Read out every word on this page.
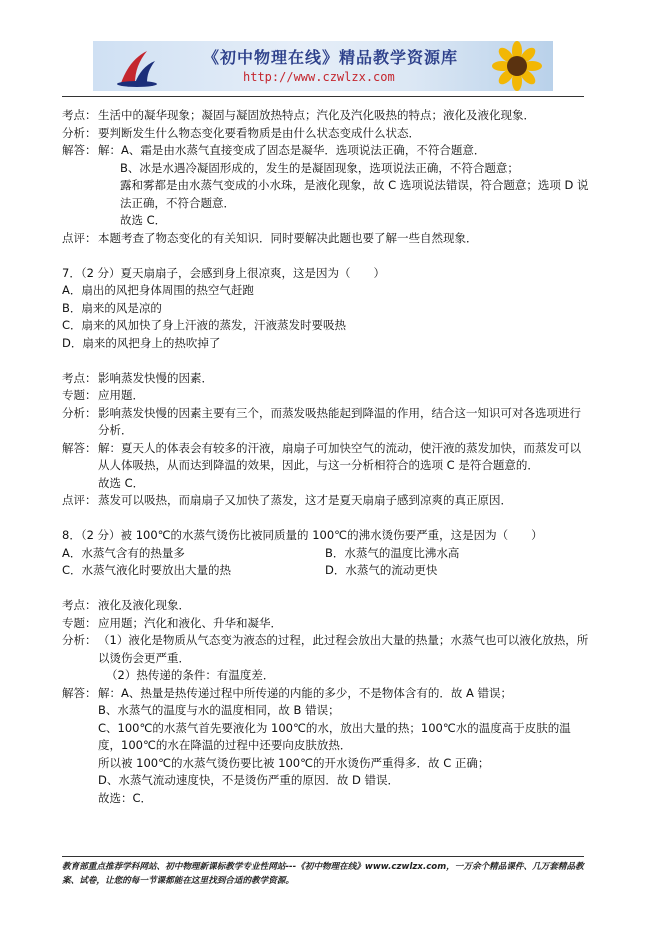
《初中物理在线》精品教学资源库
http://www.czwlzx.com
考点： 生活中的凝华现象；凝固与凝固放热特点；汽化及汽化吸热的特点；液化及液化现象．
分析： 要判断发生什么物态变化要看物质是由什么状态变成什么状态．
解答： 解：A、霜是由水蒸气直接变成了固态是凝华．选项说法正确，不符合题意．
B、冰是水遇冷凝固形成的，发生的是凝固现象，选项说法正确，不符合题意；
露和雾都是由水蒸气变成的小水珠，是液化现象，故 C 选项说法错误，符合题意；选项 D 说法正确，不符合题意．
故选 C．
点评： 本题考查了物态变化的有关知识．同时要解决此题也要了解一些自然现象．
7．（2 分）夏天扇扇子，会感到身上很凉爽，这是因为（　　）
A．扇出的风把身体周围的热空气赶跑
B．扇来的风是凉的
C．扇来的风加快了身上汗液的蒸发，汗液蒸发时要吸热
D．扇来的风把身上的热吹掉了
考点： 影响蒸发快慢的因素．
专题： 应用题．
分析： 影响蒸发快慢的因素主要有三个，而蒸发吸热能起到降温的作用，结合这一知识可对各选项进行分析．
解答： 解：夏天人的体表会有较多的汗液，扇扇子可加快空气的流动，使汗液的蒸发加快，而蒸发可以从人体吸热，从而达到降温的效果，因此，与这一分析相符合的选项 C 是符合题意的．
故选 C．
点评： 蒸发可以吸热，而扇扇子又加快了蒸发，这才是夏天扇扇子感到凉爽的真正原因．
8．（2 分）被 100℃的水蒸气烫伤比被同质量的 100℃的沸水烫伤要严重，这是因为（　　）
A．水蒸气含有的热量多	B．水蒸气的温度比沸水高
C．水蒸气液化时要放出大量的热	D．水蒸气的流动更快
考点： 液化及液化现象．
专题： 应用题；汽化和液化、升华和凝华．
分析： （1）液化是物质从气态变为液态的过程，此过程会放出大量的热量；水蒸气也可以液化放热，所以烫伤会更严重．
（2）热传递的条件：有温度差．
解答： 解：A、热量是热传递过程中所传递的内能的多少，不是物体含有的．故 A 错误；
B、水蒸气的温度与水的温度相同，故 B 错误；
C、100℃的水蒸气首先要液化为 100℃的水，放出大量的热；100℃水的温度高于皮肤的温度，100℃的水在降温的过程中还要向皮肤放热．
所以被 100℃的水蒸气烫伤要比被 100℃的开水烫伤严重得多．故 C 正确；
D、水蒸气流动速度快，不是烫伤严重的原因．故 D 错误．
故选：C．
教育部重点推荐学科网站、初中物理新课标教学专业性网站---《初中物理在线》www.czwlzx.com，一万余个精品课件、几万套精品教案、试卷，让您的每一节课都能在这里找到合适的教学资源。
